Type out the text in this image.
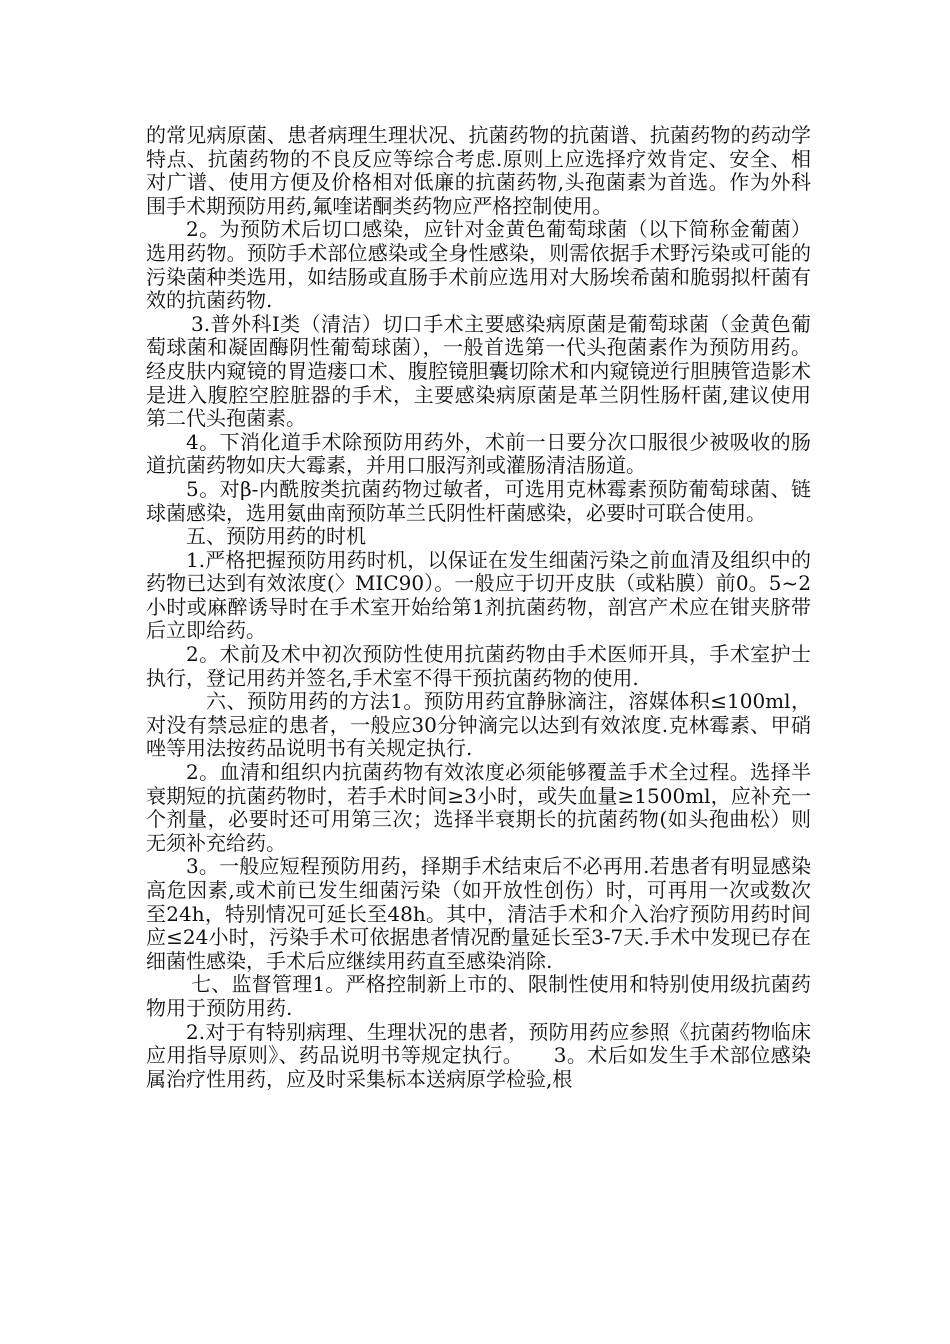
的常见病原菌、患者病理生理状况、抗菌药物的抗菌谱、抗菌药物的药动学特点、抗菌药物的不良反应等综合考虑.原则上应选择疗效肯定、安全、相对广谱、使用方便及价格相对低廉的抗菌药物,头孢菌素为首选。作为外科围手术期预防用药,氟喹诺酮类药物应严格控制使用。

2。为预防术后切口感染，应针对金黄色葡萄球菌（以下简称金葡菌）选用药物。预防手术部位感染或全身性感染，则需依据手术野污染或可能的污染菌种类选用，如结肠或直肠手术前应选用对大肠埃希菌和脆弱拟杆菌有效的抗菌药物.

3.普外科Ⅰ类（清洁）切口手术主要感染病原菌是葡萄球菌（金黄色葡萄球菌和凝固酶阴性葡萄球菌），一般首选第一代头孢菌素作为预防用药。经皮肤内窥镜的胃造瘘口术、腹腔镜胆囊切除术和内窥镜逆行胆胰管造影术是进入腹腔空腔脏器的手术，主要感染病原菌是革兰阴性肠杆菌,建议使用第二代头孢菌素。

4。下消化道手术除预防用药外，术前一日要分次口服很少被吸收的肠道抗菌药物如庆大霉素，并用口服泻剂或灌肠清洁肠道。

5。对β-内酰胺类抗菌药物过敏者，可选用克林霉素预防葡萄球菌、链球菌感染，选用氨曲南预防革兰氏阴性杆菌感染，必要时可联合使用。

五、预防用药的时机

1.严格把握预防用药时机，以保证在发生细菌污染之前血清及组织中的药物已达到有效浓度(〉MIC90）。一般应于切开皮肤（或粘膜）前0。5~2小时或麻醉诱导时在手术室开始给第1剂抗菌药物，剖宫产术应在钳夹脐带后立即给药。

2。术前及术中初次预防性使用抗菌药物由手术医师开具，手术室护士执行，登记用药并签名,手术室不得干预抗菌药物的使用.

六、预防用药的方法1。预防用药宜静脉滴注，溶媒体积≤100ml，对没有禁忌症的患者，一般应30分钟滴完以达到有效浓度.克林霉素、甲硝唑等用法按药品说明书有关规定执行.

2。血清和组织内抗菌药物有效浓度必须能够覆盖手术全过程。选择半衰期短的抗菌药物时，若手术时间≥3小时，或失血量≥1500ml，应补充一个剂量，必要时还可用第三次；选择半衰期长的抗菌药物(如头孢曲松）则无须补充给药。

3。一般应短程预防用药，择期手术结束后不必再用.若患者有明显感染高危因素,或术前已发生细菌污染（如开放性创伤）时，可再用一次或数次至24h，特别情况可延长至48h。其中，清洁手术和介入治疗预防用药时间应≤24小时，污染手术可依据患者情况酌量延长至3-7天.手术中发现已存在细菌性感染，手术后应继续用药直至感染消除.

七、监督管理1。严格控制新上市的、限制性使用和特别使用级抗菌药物用于预防用药.

2.对于有特别病理、生理状况的患者，预防用药应参照《抗菌药物临床应用指导原则》、药品说明书等规定执行。　　3。术后如发生手术部位感染属治疗性用药，应及时采集标本送病原学检验,根
